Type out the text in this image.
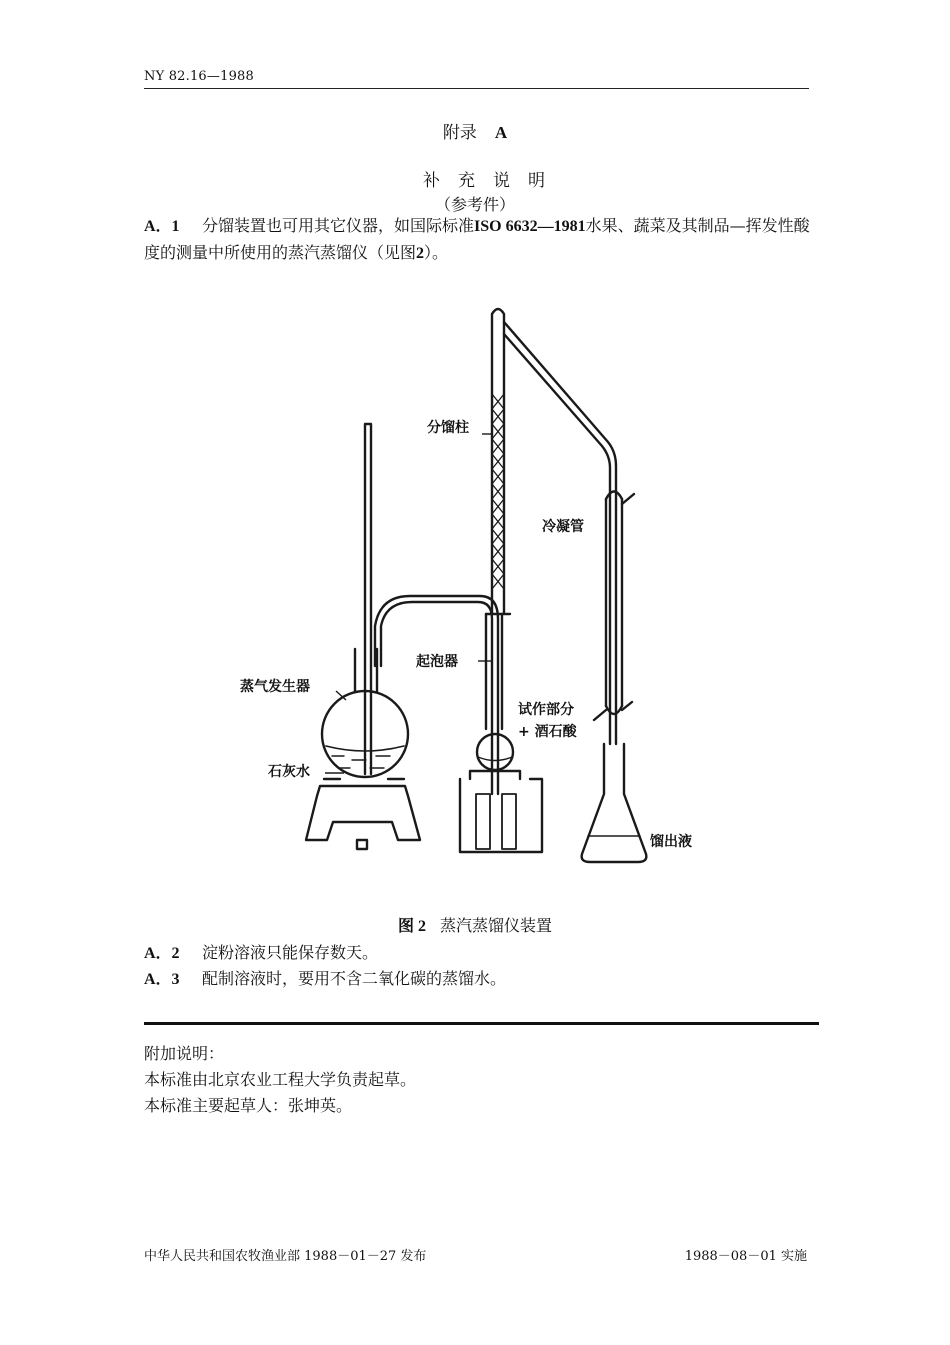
NY 82.16—1988
附录 A
补充说明
（参考件）
A．1 分馏装置也可用其它仪器，如国际标准ISO 6632—1981水果、蔬菜及其制品—挥发性酸度的测量中所使用的蒸汽蒸馏仪（见图2）。
分馏柱
冷凝管
蒸气发生器
起泡器
试作部分
+ 酒石酸
石灰水
馏出液
图 2 蒸汽蒸馏仪装置
A．2 淀粉溶液只能保存数天。
A．3 配制溶液时，要用不含二氧化碳的蒸馏水。
附加说明：
本标准由北京农业工程大学负责起草。
本标准主要起草人：张坤英。
中华人民共和国农牧渔业部 1988－01－27 发布	1988－08－01 实施
